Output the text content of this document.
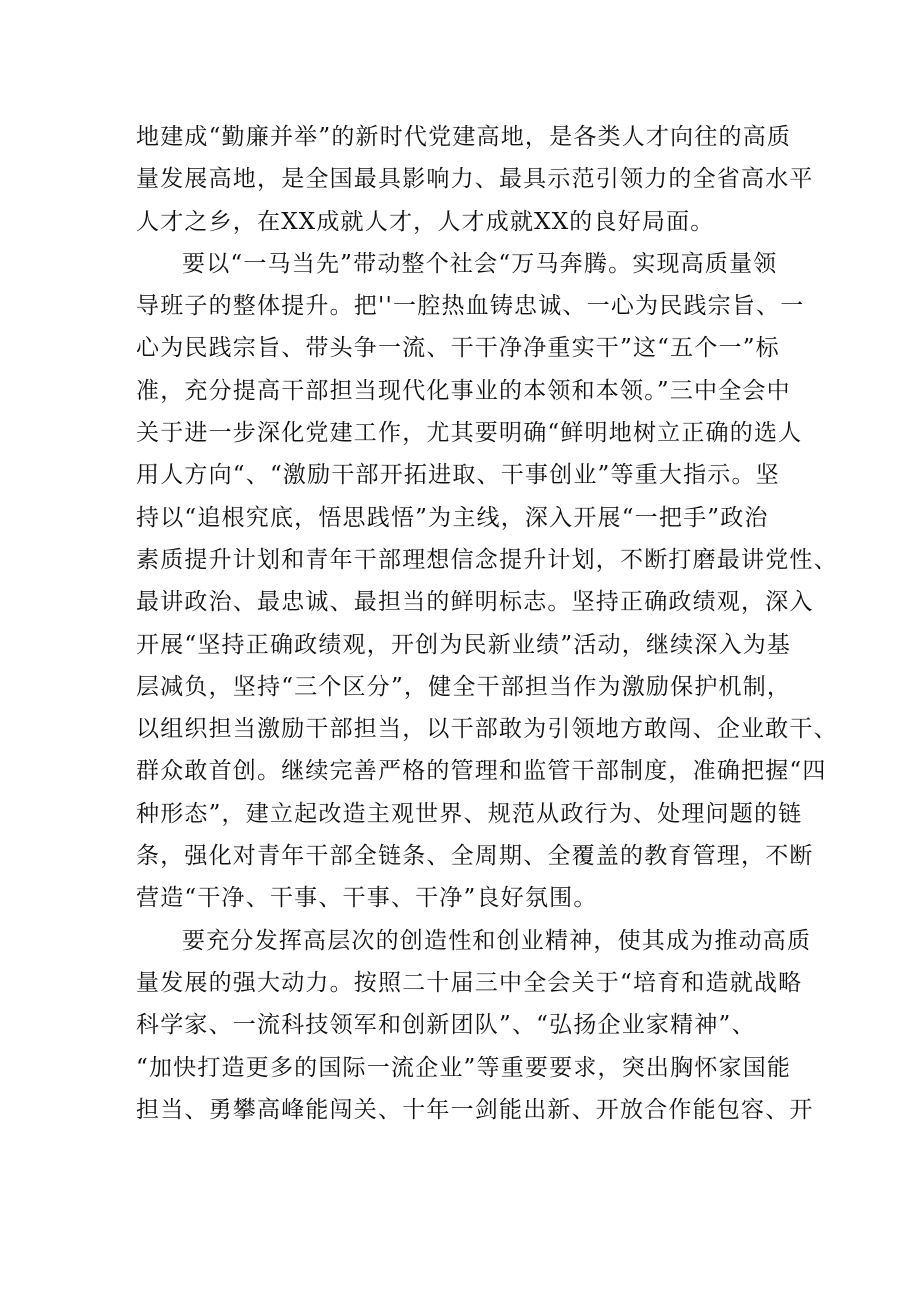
地建成“勤廉并举”的新时代党建高地，是各类人才向往的高质
量发展高地，是全国最具影响力、最具示范引领力的全省高水平
人才之乡，在XX成就人才，人才成就XX的良好局面。
要以“一马当先”带动整个社会“万马奔腾。实现高质量领
导班子的整体提升。把''一腔热血铸忠诚、一心为民践宗旨、一
心为民践宗旨、带头争一流、干干净净重实干”这“五个一”标
准，充分提高干部担当现代化事业的本领和本领。”三中全会中
关于进一步深化党建工作，尤其要明确“鲜明地树立正确的选人
用人方向“、“激励干部开拓进取、干事创业”等重大指示。坚
持以“追根究底，悟思践悟”为主线，深入开展“一把手”政治
素质提升计划和青年干部理想信念提升计划，不断打磨最讲党性、
最讲政治、最忠诚、最担当的鲜明标志。坚持正确政绩观，深入
开展“坚持正确政绩观，开创为民新业绩”活动，继续深入为基
层减负，坚持“三个区分”，健全干部担当作为激励保护机制，
以组织担当激励干部担当，以干部敢为引领地方敢闯、企业敢干、
群众敢首创。继续完善严格的管理和监管干部制度，准确把握“四
种形态”，建立起改造主观世界、规范从政行为、处理问题的链
条，强化对青年干部全链条、全周期、全覆盖的教育管理，不断
营造“干净、干事、干事、干净”良好氛围。
要充分发挥高层次的创造性和创业精神，使其成为推动高质
量发展的强大动力。按照二十届三中全会关于“培育和造就战略
科学家、一流科技领军和创新团队”、“弘扬企业家精神”、
“加快打造更多的国际一流企业”等重要要求，突出胸怀家国能
担当、勇攀高峰能闯关、十年一剑能出新、开放合作能包容、开
